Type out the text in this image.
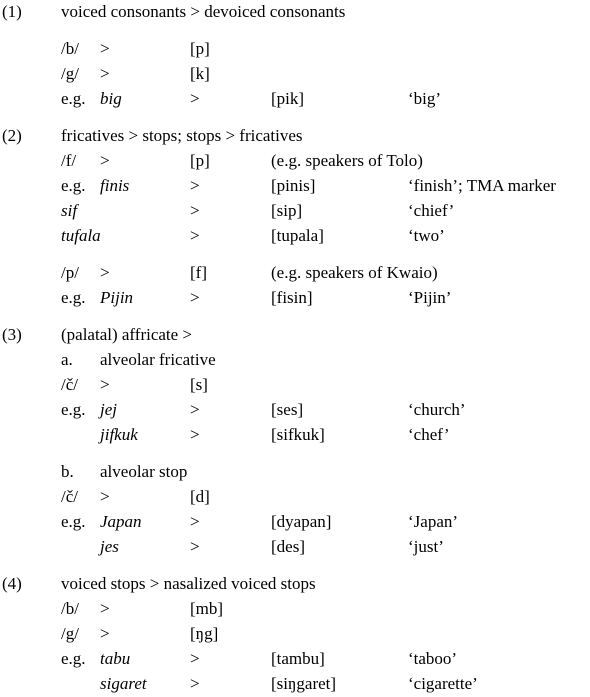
(1) voiced consonants > devoiced consonants
/b/ >	[p]
/g/ >	[k]
e.g. big	>	[pik]	‘big’
(2) fricatives > stops; stops > fricatives
/f/ >	[p]	(e.g. speakers of Tolo)
e.g. finis	>	[pinis]	‘finish’; TMA marker
sif	>	[sip]	‘chief’
tufala	>	[tupala]	‘two’
/p/ >	[f]	(e.g. speakers of Kwaio)
e.g. Pijin	>	[fisin]	‘Pijin’
(3) (palatal) affricate >
a. alveolar fricative
/č/ >	[s]
e.g. jej	>	[ses]	‘church’
jifkuk	>	[sifkuk]	‘chef’
b. alveolar stop
/č/ >	[d]
e.g. Japan	>	[dyapan]	‘Japan’
jes	>	[des]	‘just’
(4) voiced stops > nasalized voiced stops
/b/ >	[mb]
/g/ >	[ŋg]
e.g. tabu	>	[tambu]	‘taboo’
sigaret	>	[siŋgaret]	‘cigarette’
